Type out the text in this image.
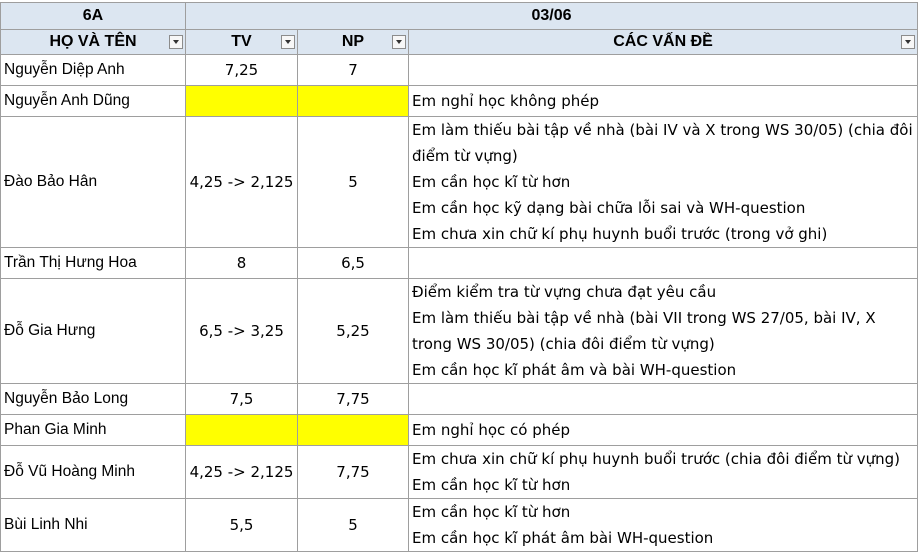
6A	03/06		
HỌ VÀ TÊN	TV	NP	CÁC VẤN ĐỀ

Nguyễn Diệp Anh	7,25	7	
Nguyễn Anh Dũng			Em nghỉ học không phép

Đào Bảo Hân	4,25 -> 2,125	5	Em làm thiếu bài tập về nhà (bài IV và X trong WS 30/05) (chia đôi
điểm từ vựng)
Em cần học kĩ từ hơn
Em cần học kỹ dạng bài chữa lỗi sai và WH-question
Em chưa xin chữ kí phụ huynh buổi trước (trong vở ghi)

Trần Thị Hưng Hoa	8	6,5	
Đỗ Gia Hưng	6,5 -> 3,25	5,25	Điểm kiểm tra từ vựng chưa đạt yêu cầu
Em làm thiếu bài tập về nhà (bài VII trong WS 27/05, bài IV, X
trong WS 30/05) (chia đôi điểm từ vựng)
Em cần học kĩ phát âm và bài WH-question

Nguyễn Bảo Long	7,5	7,75	
Phan Gia Minh			Em nghỉ học có phép

Đỗ Vũ Hoàng Minh	4,25 -> 2,125	7,75	Em chưa xin chữ kí phụ huynh buổi trước (chia đôi điểm từ vựng)
Em cần học kĩ từ hơn

Bùi Linh Nhi	5,5	5	Em cần học kĩ từ hơn
Em cần học kĩ phát âm bài WH-question
